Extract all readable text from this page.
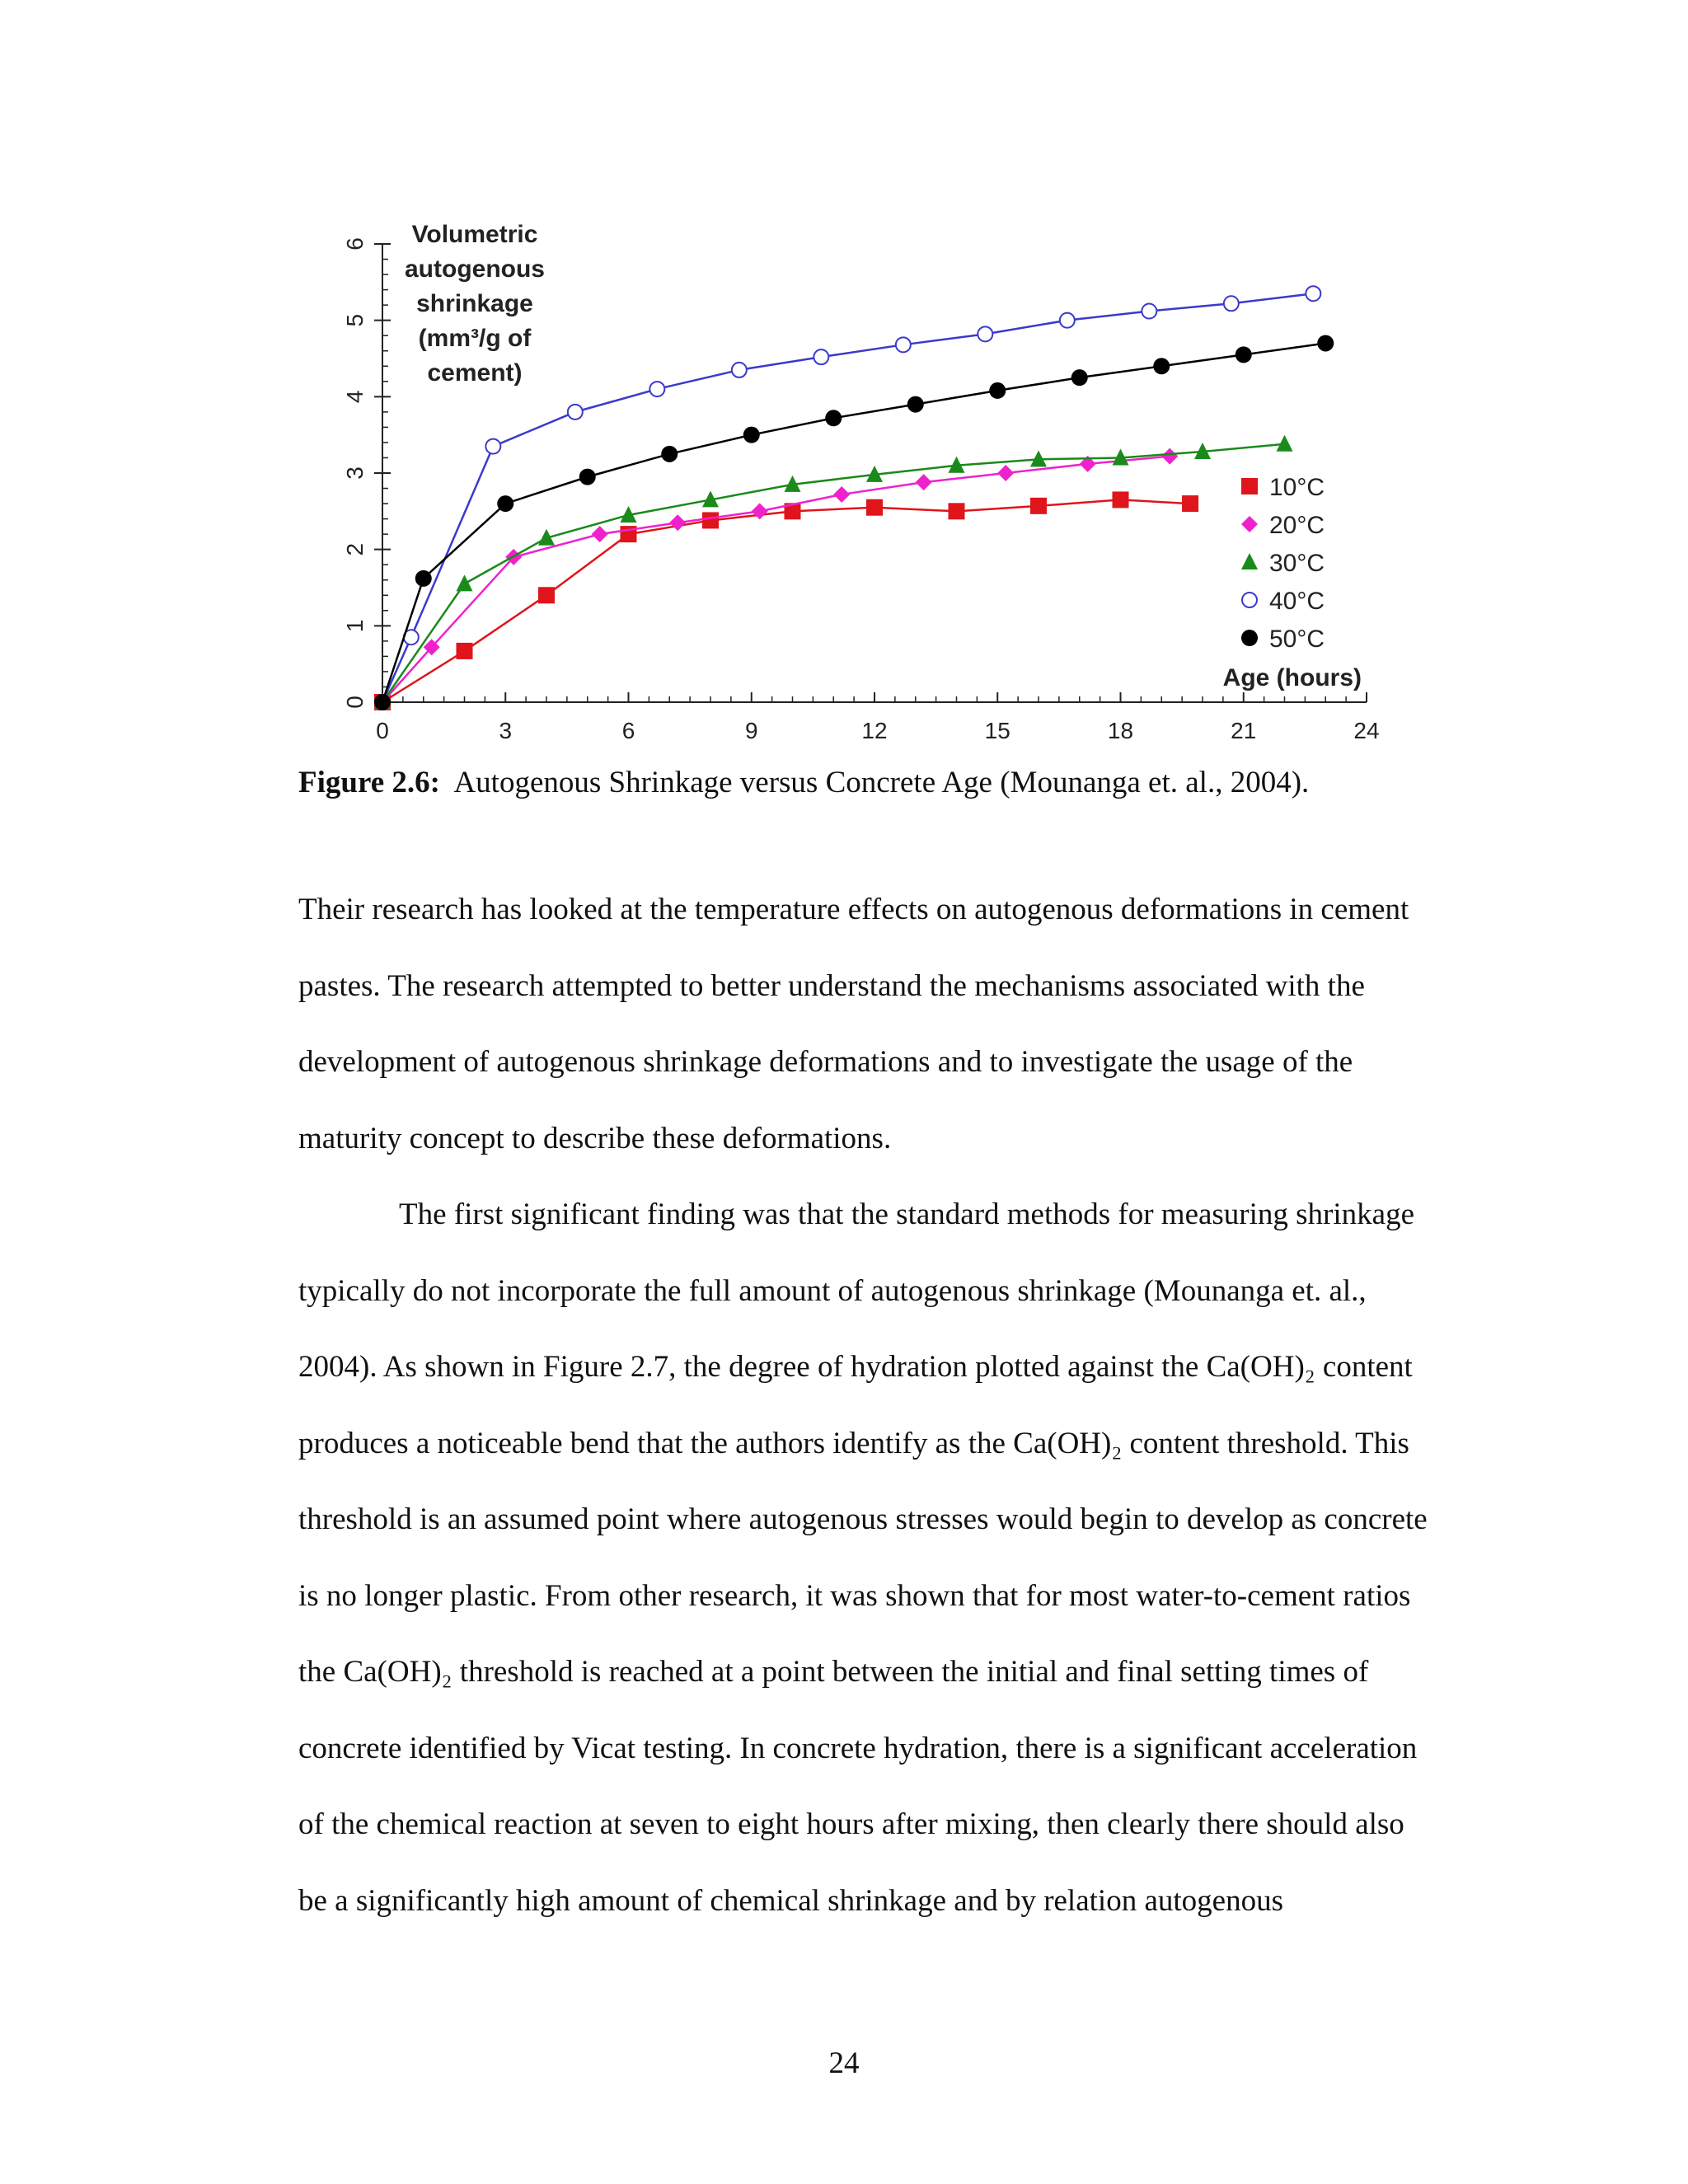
10°C
20°C
30°C
40°C
50°C
0	3	6	9	12	15	18	21	24
0
1
2
3
4
5
6 Volumetric
autogenous
shrinkage
(mm³/g of
cement)
Age (hours)
Figure 2.6: Autogenous Shrinkage versus Concrete Age (Mounanga et. al., 2004).

Their research has looked at the temperature effects on autogenous deformations in cement pastes. The research attempted to better understand the mechanisms associated with the development of autogenous shrinkage deformations and to investigate the usage of the maturity concept to describe these deformations.

The first significant finding was that the standard methods for measuring shrinkage typically do not incorporate the full amount of autogenous shrinkage (Mounanga et. al., 2004). As shown in Figure 2.7, the degree of hydration plotted against the Ca(OH)₂ content produces a noticeable bend that the authors identify as the Ca(OH)₂ content threshold. This threshold is an assumed point where autogenous stresses would begin to develop as concrete is no longer plastic. From other research, it was shown that for most water-to-cement ratios the Ca(OH)₂ threshold is reached at a point between the initial and final setting times of concrete identified by Vicat testing. In concrete hydration, there is a significant acceleration of the chemical reaction at seven to eight hours after mixing, then clearly there should also be a significantly high amount of chemical shrinkage and by relation autogenous

24
